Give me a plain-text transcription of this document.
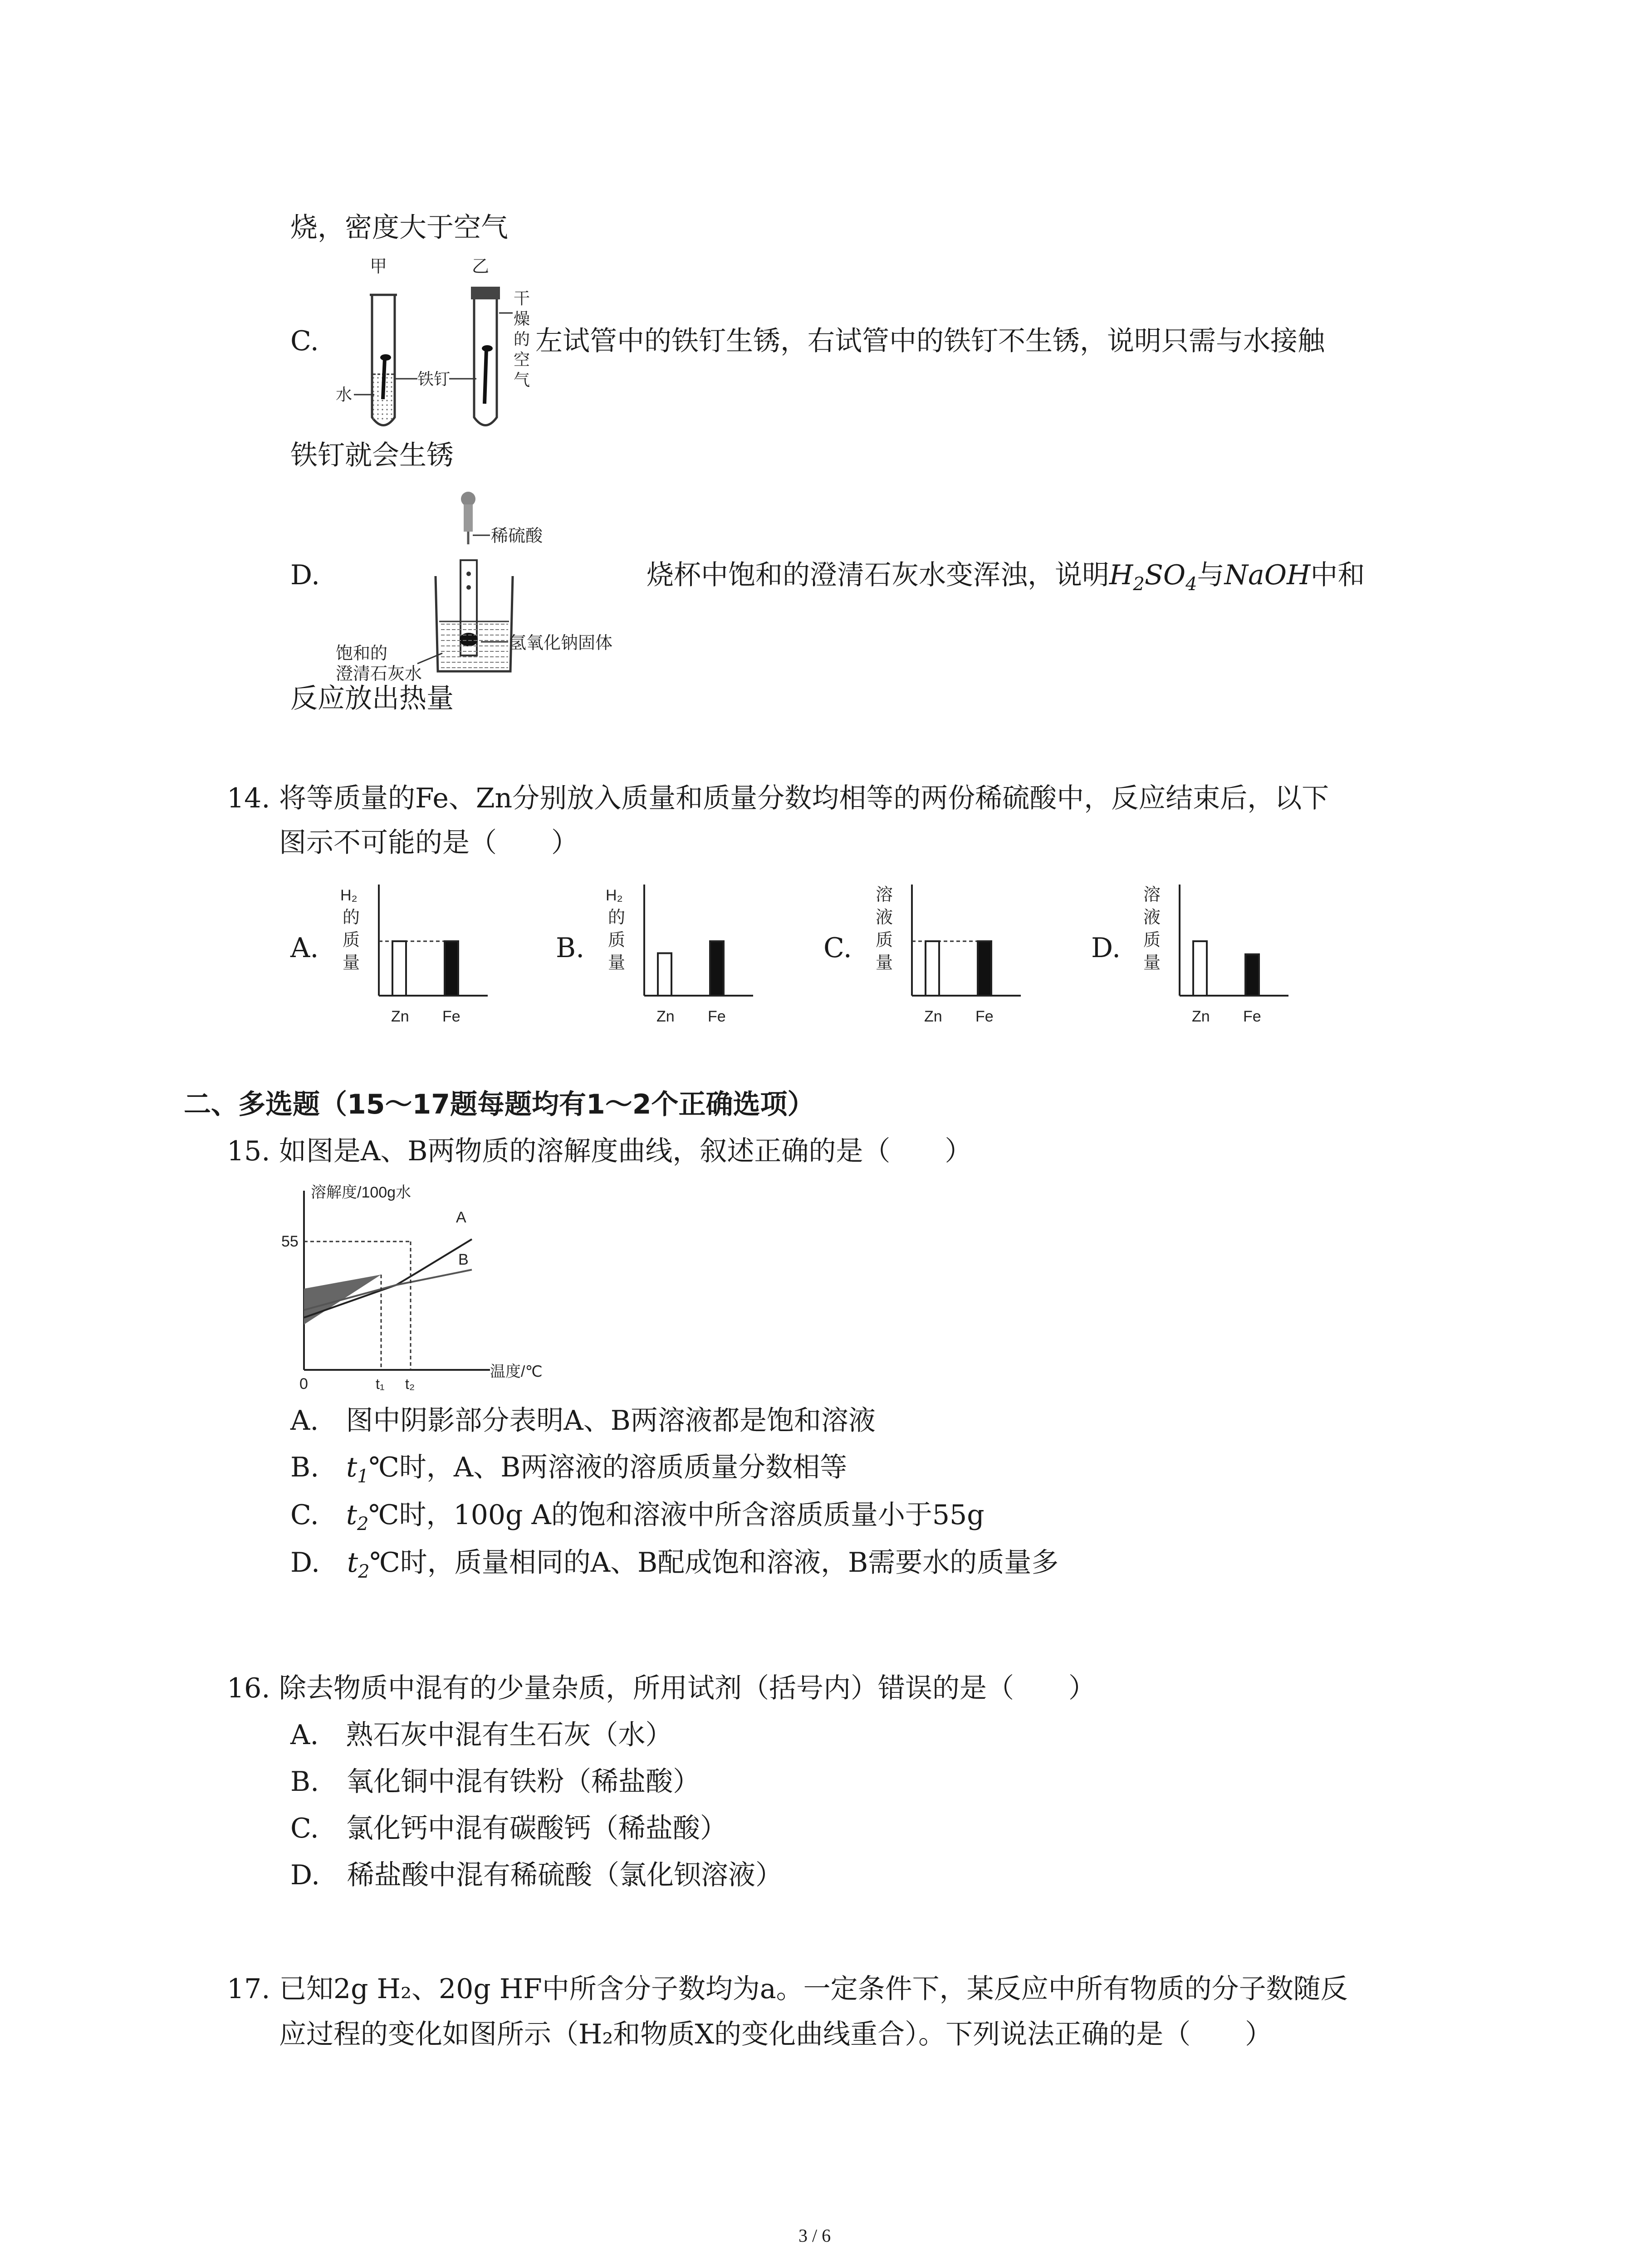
烧，密度大于空气
C.
甲	乙
水
铁钉
干
燥
的
空
气
左试管中的铁钉生锈，右试管中的铁钉不生锈，说明只需与水接触
铁钉就会生锈
D.
稀硫酸
氢氧化钠固体
饱和的
澄清石灰水
烧杯中饱和的澄清石灰水变浑浊，说明$H_2SO_4$与NaOH中和
反应放出热量
14. 将等质量的Fe、Zn分别放入质量和质量分数均相等的两份稀硫酸中，反应结束后，以下
图示不可能的是（　　）
A.
H₂
的
质
量
Zn Fe
B.
H₂
的
质
量
Zn Fe
C.
溶
液
质
量
Zn Fe
D.
溶
液
质
量
Zn Fe
二、多选题（15～17题每题均有1～2个正确选项）
15. 如图是A、B两物质的溶解度曲线，叙述正确的是（　　）
溶解度/100g水
温度/℃
0
55
t₁ t₂
A
B
A.　图中阴影部分表明A、B两溶液都是饱和溶液
B.　 $t_1℃$时，A、B两溶液的溶质质量分数相等
C.　 $t_2℃$时，100g A的饱和溶液中所含溶质质量小于55g
D.　 $t_2℃$时，质量相同的A、B配成饱和溶液，B需要水的质量多
16. 除去物质中混有的少量杂质，所用试剂（括号内）错误的是（　　）
A.　熟石灰中混有生石灰（水）
B.　氧化铜中混有铁粉（稀盐酸）
C.　氯化钙中混有碳酸钙（稀盐酸）
D.　稀盐酸中混有稀硫酸（氯化钡溶液）
17. 已知2g H₂、20g HF中所含分子数均为a。一定条件下，某反应中所有物质的分子数随反
应过程的变化如图所示（H₂和物质X的变化曲线重合）。下列说法正确的是（　　）
3 / 6
